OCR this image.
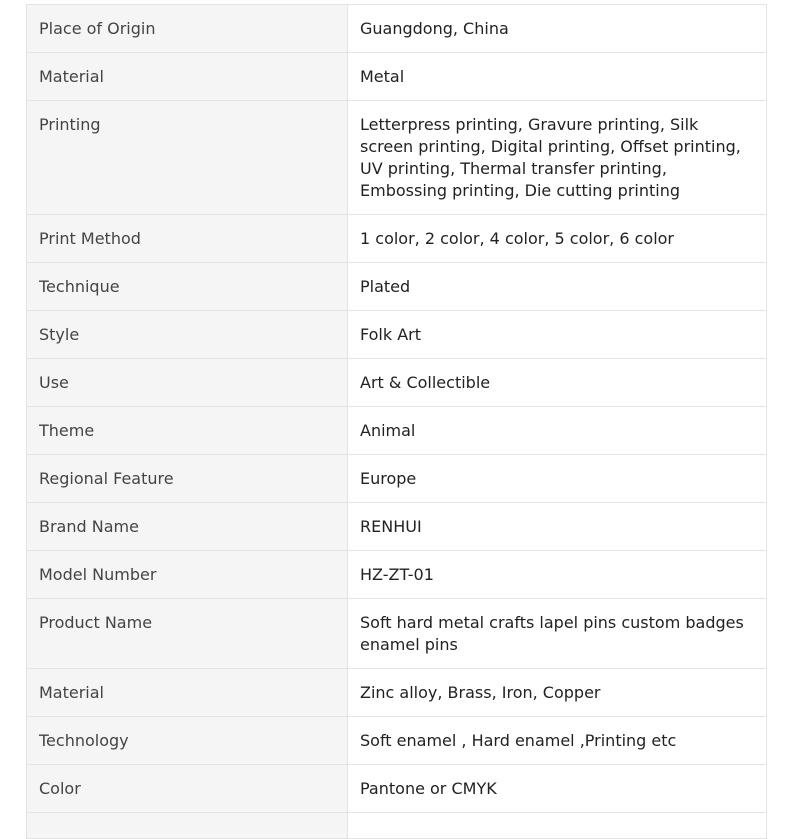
Place of Origin	Guangdong, China
Material	Metal
Printing	Letterpress printing, Gravure printing, Silk screen printing, Digital printing, Offset printing, UV printing, Thermal transfer printing, Embossing printing, Die cutting printing
Print Method	1 color, 2 color, 4 color, 5 color, 6 color
Technique	Plated
Style	Folk Art
Use	Art & Collectible
Theme	Animal
Regional Feature	Europe
Brand Name	RENHUI
Model Number	HZ-ZT-01
Product Name	Soft hard metal crafts lapel pins custom badges enamel pins
Material	Zinc alloy, Brass, Iron, Copper
Technology	Soft enamel , Hard enamel ,Printing etc
Color	Pantone or CMYK
